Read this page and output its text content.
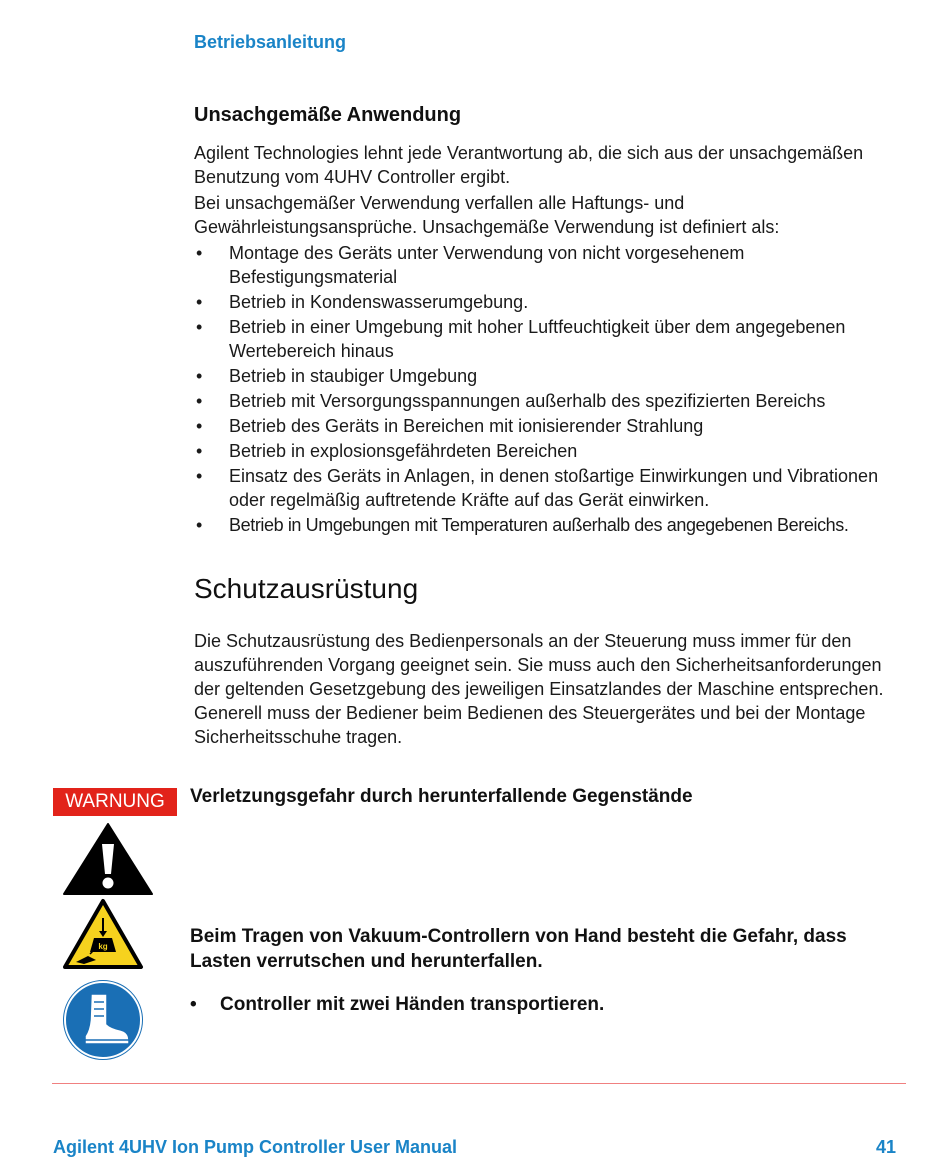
Betriebsanleitung
Unsachgemäße Anwendung

Agilent Technologies lehnt jede Verantwortung ab, die sich aus der unsachgemäßen Benutzung vom 4UHV Controller ergibt.

Bei unsachgemäßer Verwendung verfallen alle Haftungs- und Gewährleistungsansprüche. Unsachgemäße Verwendung ist definiert als:

• Montage des Geräts unter Verwendung von nicht vorgesehenem Befestigungsmaterial
• Betrieb in Kondenswasserumgebung.
• Betrieb in einer Umgebung mit hoher Luftfeuchtigkeit über dem angegebenen Wertebereich hinaus
• Betrieb in staubiger Umgebung
• Betrieb mit Versorgungsspannungen außerhalb des spezifizierten Bereichs
• Betrieb des Geräts in Bereichen mit ionisierender Strahlung
• Betrieb in explosionsgefährdeten Bereichen
• Einsatz des Geräts in Anlagen, in denen stoßartige Einwirkungen und Vibrationen oder regelmäßig auftretende Kräfte auf das Gerät einwirken.
• Betrieb in Umgebungen mit Temperaturen außerhalb des angegebenen Bereichs.
Schutzausrüstung

Die Schutzausrüstung des Bedienpersonals an der Steuerung muss immer für den auszuführenden Vorgang geeignet sein. Sie muss auch den Sicherheitsanforderungen der geltenden Gesetzgebung des jeweiligen Einsatzlandes der Maschine entsprechen. Generell muss der Bediener beim Bedienen des Steuergerätes und bei der Montage Sicherheitsschuhe tragen.

WARNUNG	Verletzungsgefahr durch herunterfallende Gegenstände
kg	Beim Tragen von Vakuum-Controllern von Hand besteht die Gefahr, dass Lasten verrutschen und herunterfallen.
• Controller mit zwei Händen transportieren.
Agilent 4UHV Ion Pump Controller User Manual	41
